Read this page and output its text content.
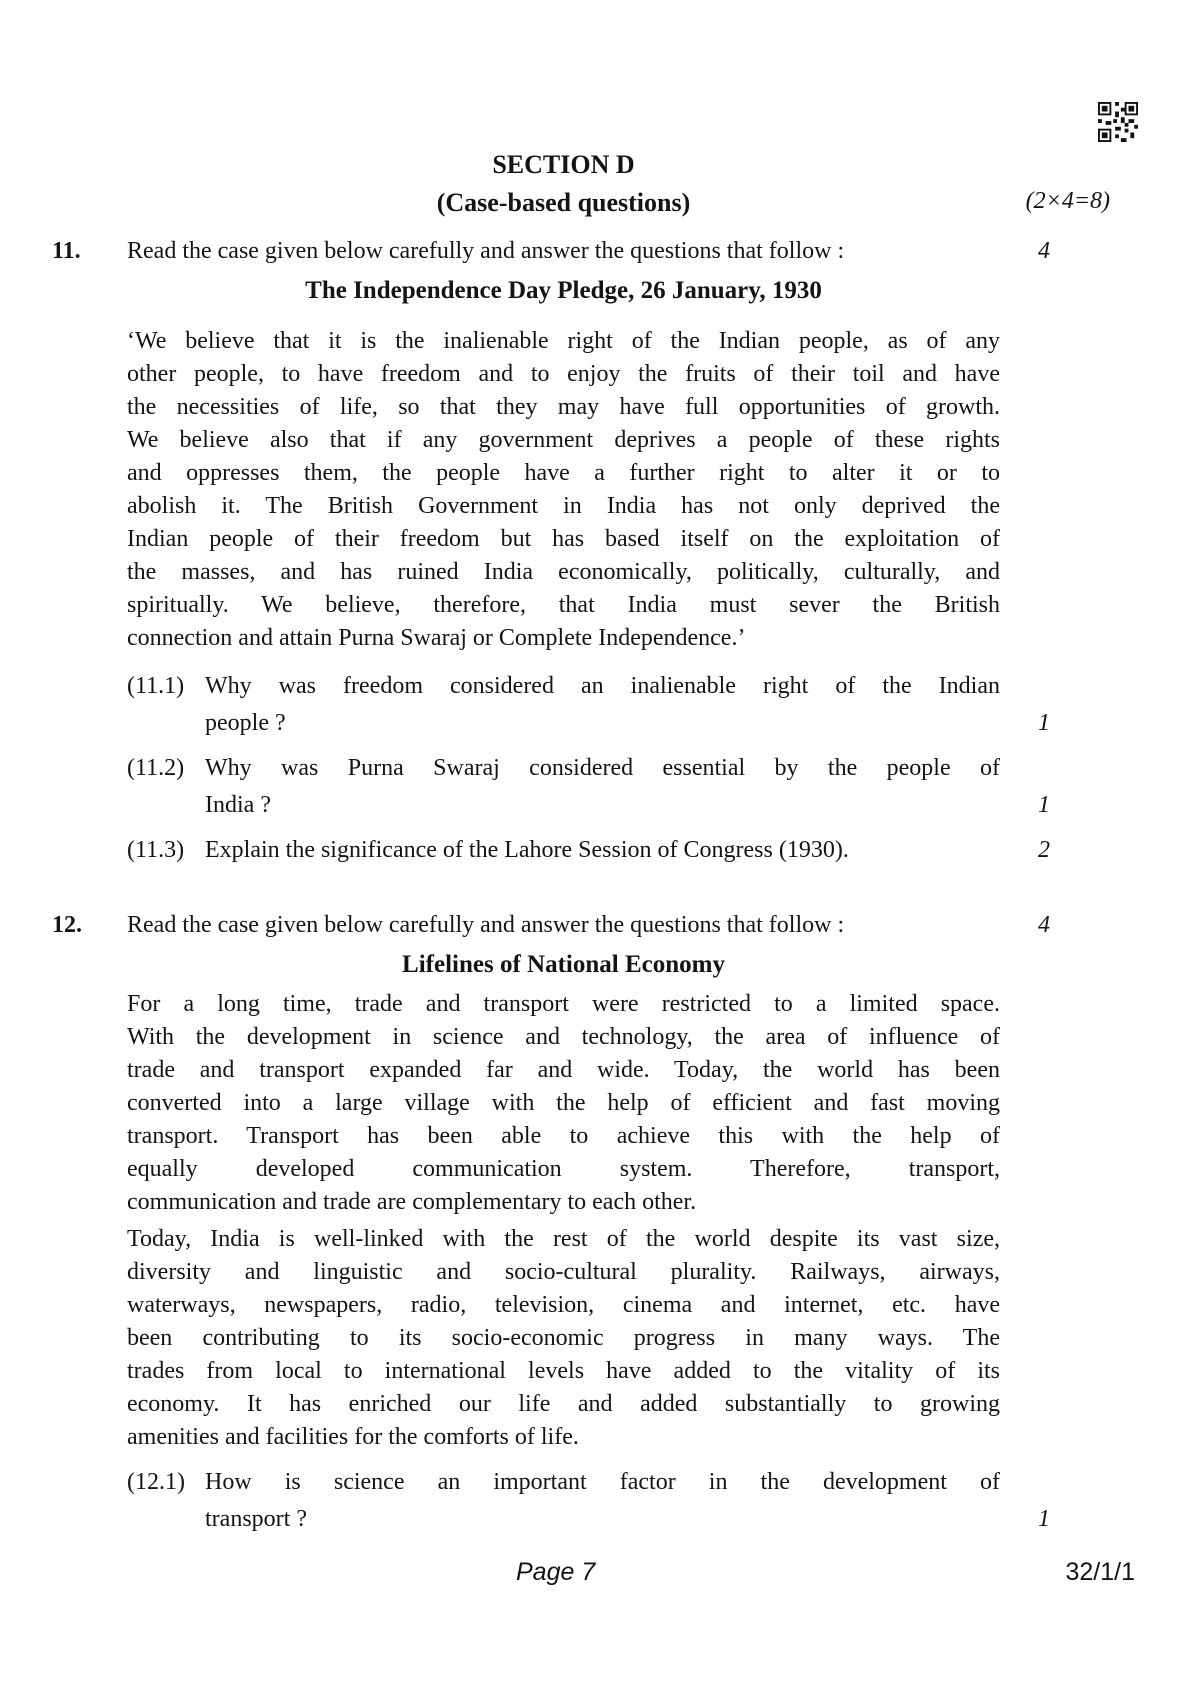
SECTION D
(Case-based questions)	(2×4=8)
11.	Read the case given below carefully and answer the questions that follow :	4
The Independence Day Pledge, 26 January, 1930
‘We believe that it is the inalienable right of the Indian people, as of any
other people, to have freedom and to enjoy the fruits of their toil and have
the necessities of life, so that they may have full opportunities of growth.
We believe also that if any government deprives a people of these rights
and oppresses them, the people have a further right to alter it or to
abolish it. The British Government in India has not only deprived the
Indian people of their freedom but has based itself on the exploitation of
the masses, and has ruined India economically, politically, culturally, and
spiritually. We believe, therefore, that India must sever the British
connection and attain Purna Swaraj or Complete Independence.’
(11.1) Why was freedom considered an inalienable right of the Indian
people ?	1
(11.2) Why was Purna Swaraj considered essential by the people of
India ?	1
(11.3) Explain the significance of the Lahore Session of Congress (1930).	2
12.	Read the case given below carefully and answer the questions that follow :	4
Lifelines of National Economy
For a long time, trade and transport were restricted to a limited space.
With the development in science and technology, the area of influence of
trade and transport expanded far and wide. Today, the world has been
converted into a large village with the help of efficient and fast moving
transport. Transport has been able to achieve this with the help of
equally developed communication system. Therefore, transport,
communication and trade are complementary to each other.
Today, India is well-linked with the rest of the world despite its vast size,
diversity and linguistic and socio-cultural plurality. Railways, airways,
waterways, newspapers, radio, television, cinema and internet, etc. have
been contributing to its socio-economic progress in many ways. The
trades from local to international levels have added to the vitality of its
economy. It has enriched our life and added substantially to growing
amenities and facilities for the comforts of life.
(12.1) How is science an important factor in the development of
transport ?	1
Page 7	32/1/1
